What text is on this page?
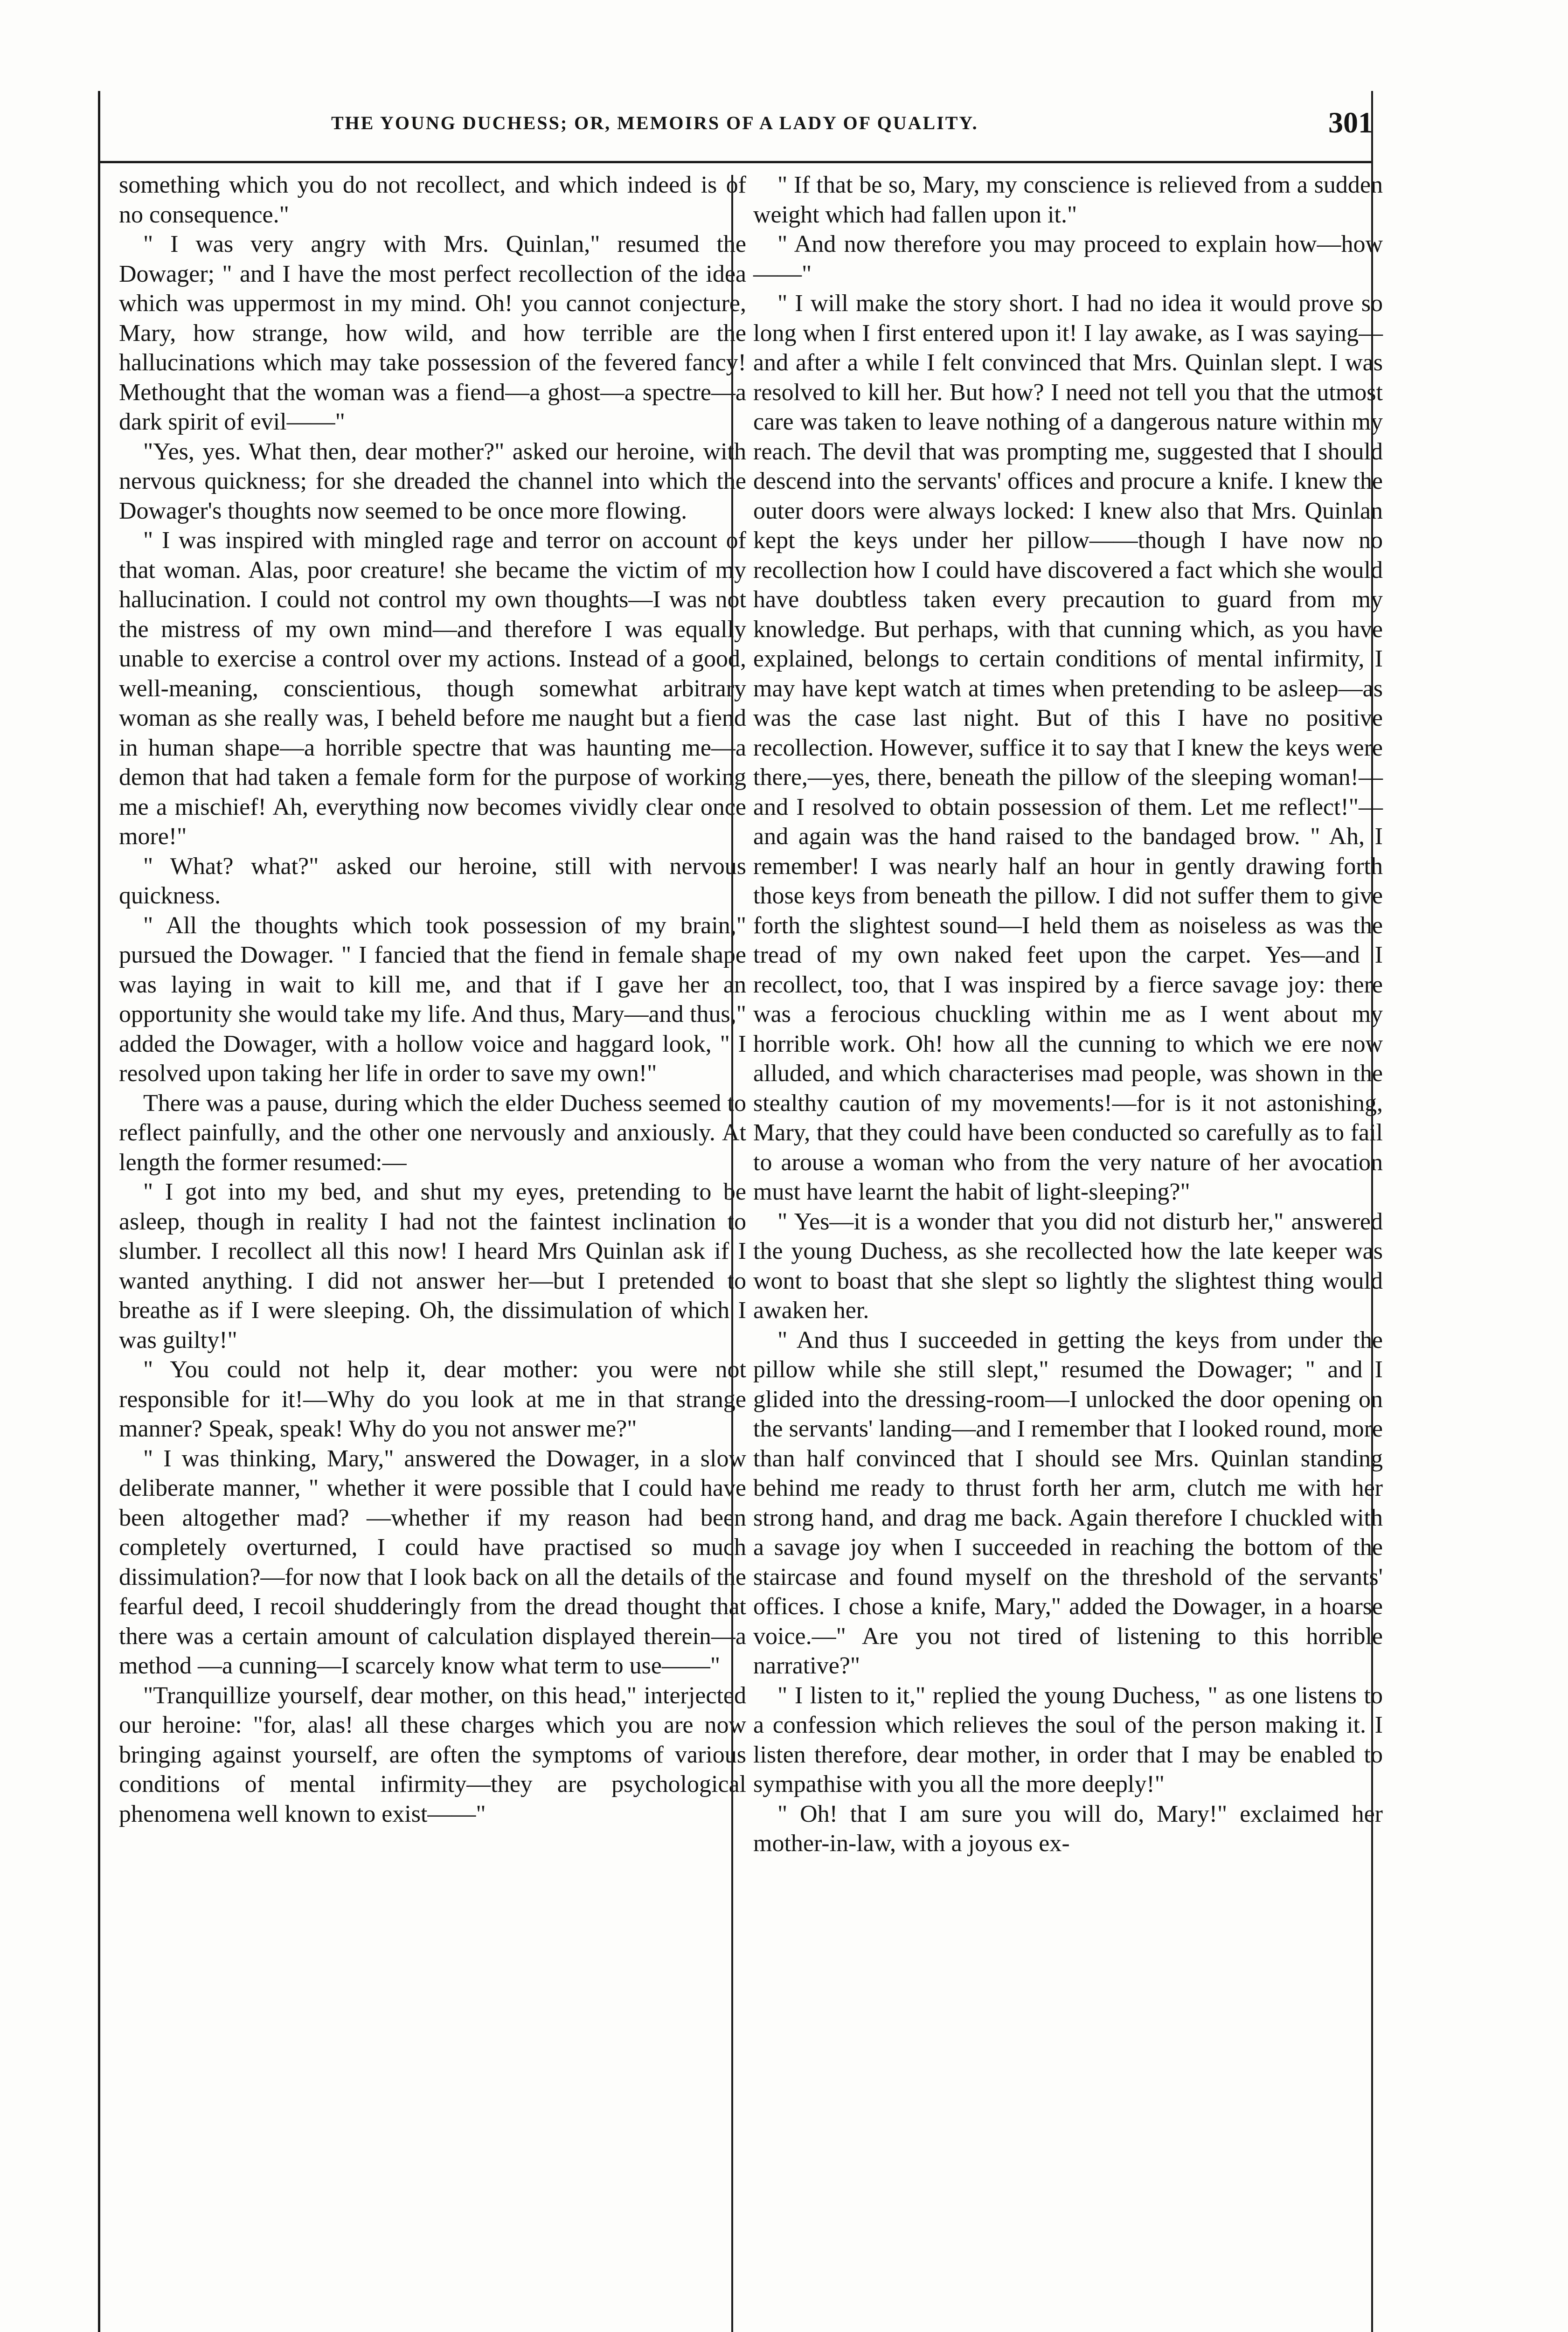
THE YOUNG DUCHESS; OR, MEMOIRS OF A LADY OF QUALITY.	301

something which you do not recollect, and which indeed is of no consequence."

" I was very angry with Mrs. Quinlan," resumed the Dowager; " and I have the most perfect recollection of the idea which was uppermost in my mind. Oh! you cannot conjecture, Mary, how strange, how wild, and how terrible are the hallucinations which may take possession of the fevered fancy! Methought that the woman was a fiend—a ghost—a spectre—a dark spirit of evil——"

"Yes, yes. What then, dear mother?" asked our heroine, with nervous quickness; for she dreaded the channel into which the Dowager's thoughts now seemed to be once more flowing.

" I was inspired with mingled rage and terror on account of that woman. Alas, poor creature! she became the victim of my hallucination. I could not control my own thoughts—I was not the mistress of my own mind—and therefore I was equally unable to exercise a control over my actions. Instead of a good, well-meaning, conscientious, though somewhat arbitrary woman as she really was, I beheld before me naught but a fiend in human shape—a horrible spectre that was haunting me—a demon that had taken a female form for the purpose of working me a mischief! Ah, everything now becomes vividly clear once more!"

" What? what?" asked our heroine, still with nervous quickness.

" All the thoughts which took possession of my brain," pursued the Dowager. " I fancied that the fiend in female shape was laying in wait to kill me, and that if I gave her an opportunity she would take my life. And thus, Mary—and thus," added the Dowager, with a hollow voice and haggard look, " I resolved upon taking her life in order to save my own!"

There was a pause, during which the elder Duchess seemed to reflect painfully, and the other one nervously and anxiously. At length the former resumed:—

" I got into my bed, and shut my eyes, pretending to be asleep, though in reality I had not the faintest inclination to slumber. I recollect all this now! I heard Mrs Quinlan ask if I wanted anything. I did not answer her—but I pretended to breathe as if I were sleeping. Oh, the dissimulation of which I was guilty!"

" You could not help it, dear mother: you were not responsible for it!—Why do you look at me in that strange manner? Speak, speak! Why do you not answer me?"

" I was thinking, Mary," answered the Dowager, in a slow deliberate manner, " whether it were possible that I could have been altogether mad? —whether if my reason had been completely overturned, I could have practised so much dissimulation?—for now that I look back on all the details of the fearful deed, I recoil shudderingly from the dread thought that there was a certain amount of calculation displayed therein—a method —a cunning—I scarcely know what term to use——"

"Tranquillize yourself, dear mother, on this head," interjected our heroine: "for, alas! all these charges which you are now bringing against yourself, are often the symptoms of various conditions of mental infirmity—they are psychological phenomena well known to exist——"

" If that be so, Mary, my conscience is relieved from a sudden weight which had fallen upon it."

" And now therefore you may proceed to explain how—how——"

" I will make the story short. I had no idea it would prove so long when I first entered upon it! I lay awake, as I was saying—and after a while I felt convinced that Mrs. Quinlan slept. I was resolved to kill her. But how? I need not tell you that the utmost care was taken to leave nothing of a dangerous nature within my reach. The devil that was prompting me, suggested that I should descend into the servants' offices and procure a knife. I knew the outer doors were always locked: I knew also that Mrs. Quinlan kept the keys under her pillow——though I have now no recollection how I could have discovered a fact which she would have doubtless taken every precaution to guard from my knowledge. But perhaps, with that cunning which, as you have explained, belongs to certain conditions of mental infirmity, I may have kept watch at times when pretending to be asleep—as was the case last night. But of this I have no positive recollection. However, suffice it to say that I knew the keys were there,—yes, there, beneath the pillow of the sleeping woman!—and I resolved to obtain possession of them. Let me reflect!"—and again was the hand raised to the bandaged brow. " Ah, I remember! I was nearly half an hour in gently drawing forth those keys from beneath the pillow. I did not suffer them to give forth the slightest sound—I held them as noiseless as was the tread of my own naked feet upon the carpet. Yes—and I recollect, too, that I was inspired by a fierce savage joy: there was a ferocious chuckling within me as I went about my horrible work. Oh! how all the cunning to which we ere now alluded, and which characterises mad people, was shown in the stealthy caution of my movements!—for is it not astonishing, Mary, that they could have been conducted so carefully as to fail to arouse a woman who from the very nature of her avocation must have learnt the habit of light-sleeping?"

" Yes—it is a wonder that you did not disturb her," answered the young Duchess, as she recollected how the late keeper was wont to boast that she slept so lightly the slightest thing would awaken her.

" And thus I succeeded in getting the keys from under the pillow while she still slept," resumed the Dowager; " and I glided into the dressing-room—I unlocked the door opening on the servants' landing—and I remember that I looked round, more than half convinced that I should see Mrs. Quinlan standing behind me ready to thrust forth her arm, clutch me with her strong hand, and drag me back. Again therefore I chuckled with a savage joy when I succeeded in reaching the bottom of the staircase and found myself on the threshold of the servants' offices. I chose a knife, Mary," added the Dowager, in a hoarse voice.—" Are you not tired of listening to this horrible narrative?"

" I listen to it," replied the young Duchess, " as one listens to a confession which relieves the soul of the person making it. I listen therefore, dear mother, in order that I may be enabled to sympathise with you all the more deeply!"

" Oh! that I am sure you will do, Mary!" exclaimed her mother-in-law, with a joyous ex-
